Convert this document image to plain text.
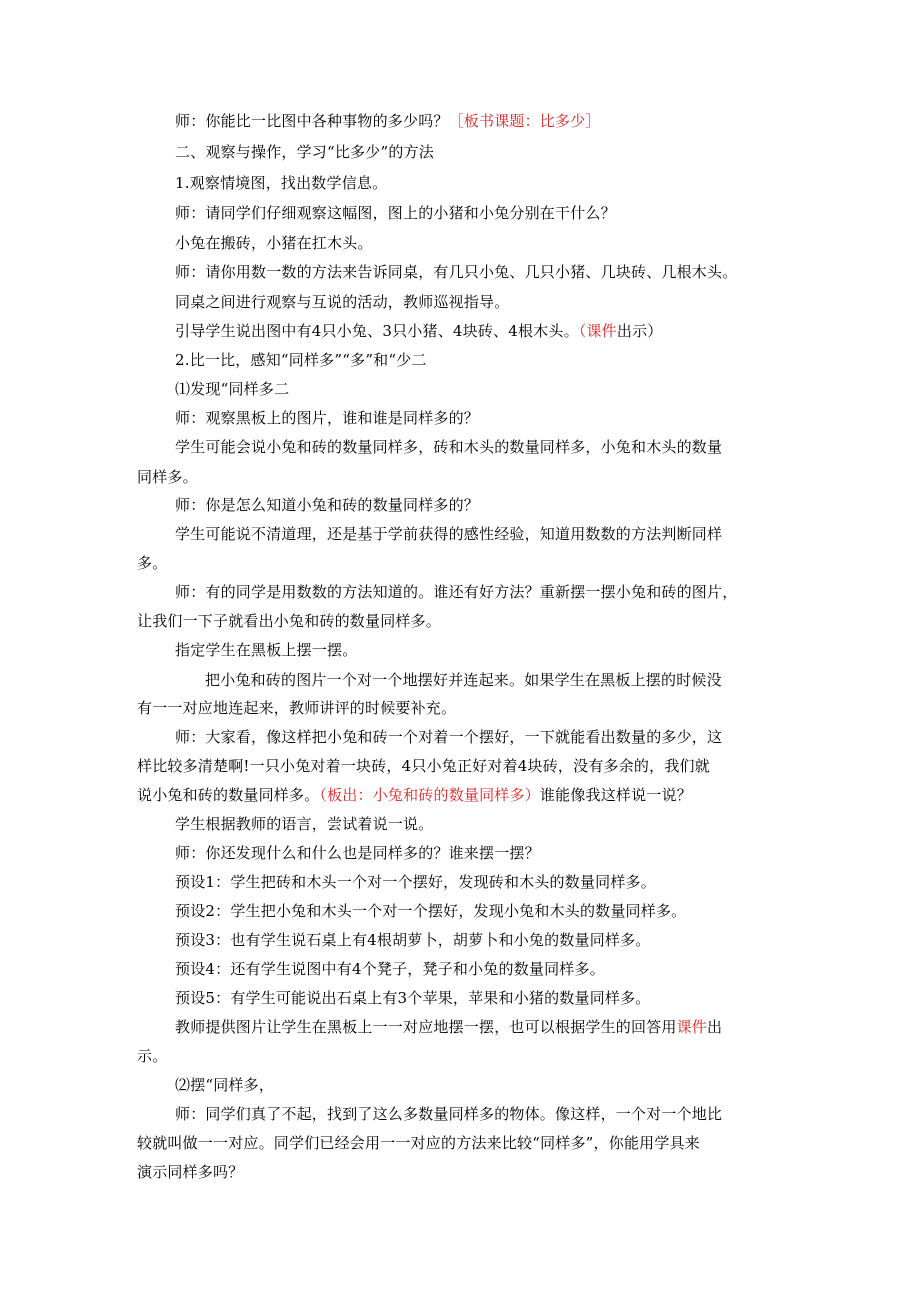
师：你能比一比图中各种事物的多少吗？［板书课题：比多少］
二、观察与操作，学习“比多少”的方法
1.观察情境图，找出数学信息。
师：请同学们仔细观察这幅图，图上的小猪和小兔分别在干什么？
小兔在搬砖，小猪在扛木头。
师：请你用数一数的方法来告诉同桌，有几只小兔、几只小猪、几块砖、几根木头。
同桌之间进行观察与互说的活动，教师巡视指导。
引导学生说出图中有4只小兔、3只小猪、4块砖、4根木头。（课件出示）
2.比一比，感知“同样多”“多”和“少二
⑴发现“同样多二
师：观察黑板上的图片，谁和谁是同样多的？
学生可能会说小兔和砖的数量同样多，砖和木头的数量同样多，小兔和木头的数量
同样多。
师：你是怎么知道小兔和砖的数量同样多的？
学生可能说不清道理，还是基于学前获得的感性经验，知道用数数的方法判断同样
多。
师：有的同学是用数数的方法知道的。谁还有好方法？重新摆一摆小兔和砖的图片，
让我们一下子就看出小兔和砖的数量同样多。
指定学生在黑板上摆一摆。
把小兔和砖的图片一个对一个地摆好并连起来。如果学生在黑板上摆的时候没
有一一对应地连起来，教师讲评的时候要补充。
师：大家看，像这样把小兔和砖一个对着一个摆好，一下就能看出数量的多少，这
样比较多清楚啊!一只小兔对着一块砖，4只小兔正好对着4块砖，没有多余的，我们就
说小兔和砖的数量同样多。（板出：小兔和砖的数量同样多）谁能像我这样说一说？
学生根据教师的语言，尝试着说一说。
师：你还发现什么和什么也是同样多的？谁来摆一摆？
预设1：学生把砖和木头一个对一个摆好，发现砖和木头的数量同样多。
预设2：学生把小兔和木头一个对一个摆好，发现小兔和木头的数量同样多。
预设3：也有学生说石桌上有4根胡萝卜，胡萝卜和小兔的数量同样多。
预设4：还有学生说图中有4个凳子，凳子和小兔的数量同样多。
预设5：有学生可能说出石桌上有3个苹果，苹果和小猪的数量同样多。
教师提供图片让学生在黑板上一一对应地摆一摆，也可以根据学生的回答用课件出
示。
⑵摆“同样多，
师：同学们真了不起，找到了这么多数量同样多的物体。像这样，一个对一个地比
较就叫做一一对应。同学们已经会用一一对应的方法来比较“同样多”，你能用学具来
演示同样多吗？
